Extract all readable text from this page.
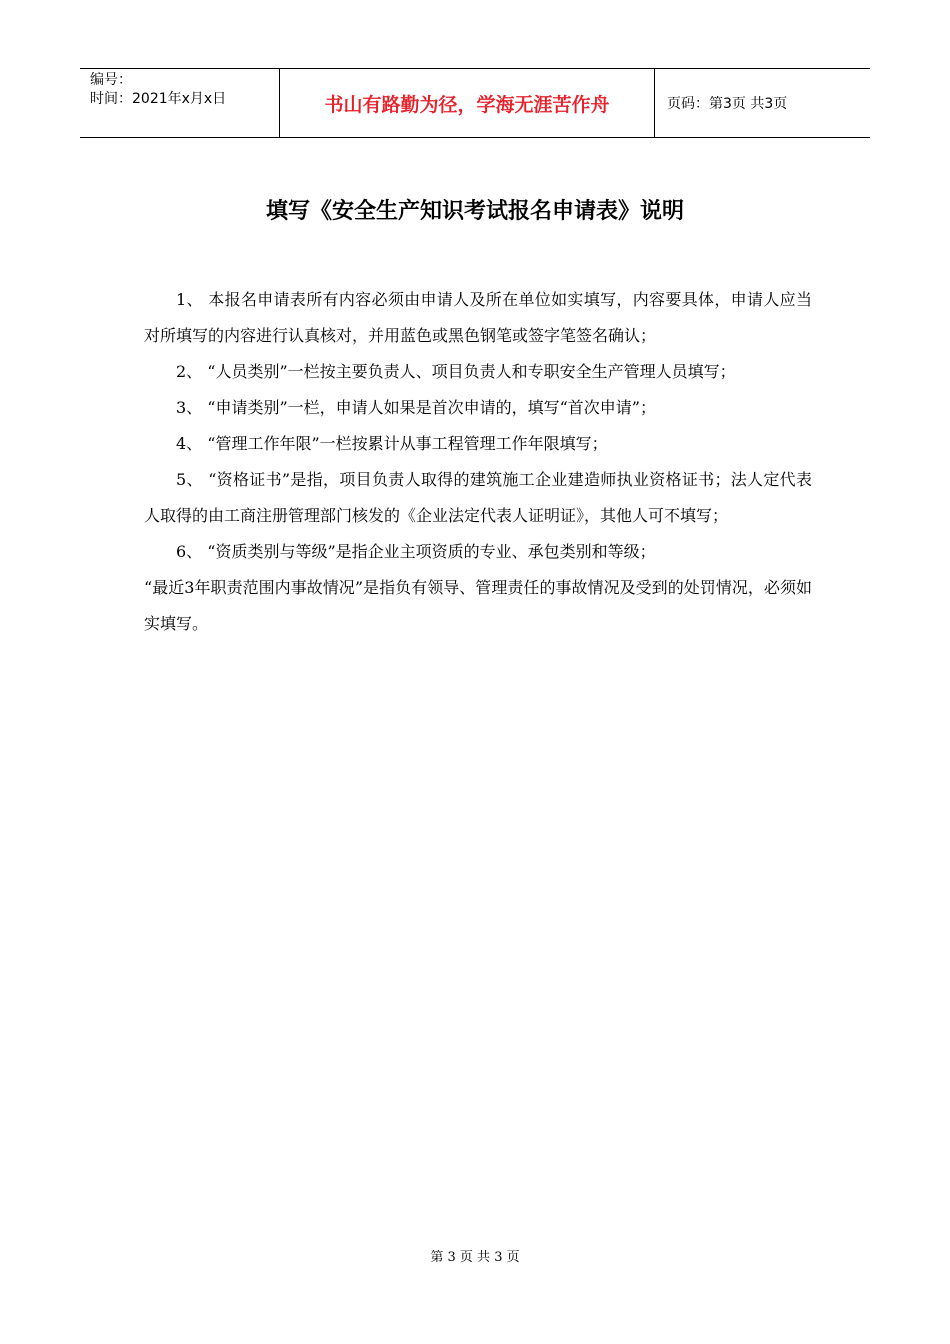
编号：
时间：2021年x月x日	书山有路勤为径，学海无涯苦作舟	页码：第3页 共3页
填写《安全生产知识考试报名申请表》说明

1、 本报名申请表所有内容必须由申请人及所在单位如实填写，内容要具体，申请人应当对所填写的内容进行认真核对，并用蓝色或黑色钢笔或签字笔签名确认；

2、 “人员类别”一栏按主要负责人、项目负责人和专职安全生产管理人员填写；

3、 “申请类别”一栏，申请人如果是首次申请的，填写“首次申请”；

4、 “管理工作年限”一栏按累计从事工程管理工作年限填写；

5、 “资格证书”是指，项目负责人取得的建筑施工企业建造师执业资格证书；法人定代表人取得的由工商注册管理部门核发的《企业法定代表人证明证》，其他人可不填写；

6、 “资质类别与等级”是指企业主项资质的专业、承包类别和等级；

“最近3年职责范围内事故情况”是指负有领导、管理责任的事故情况及受到的处罚情况，必须如实填写。

第 3 页 共 3 页
